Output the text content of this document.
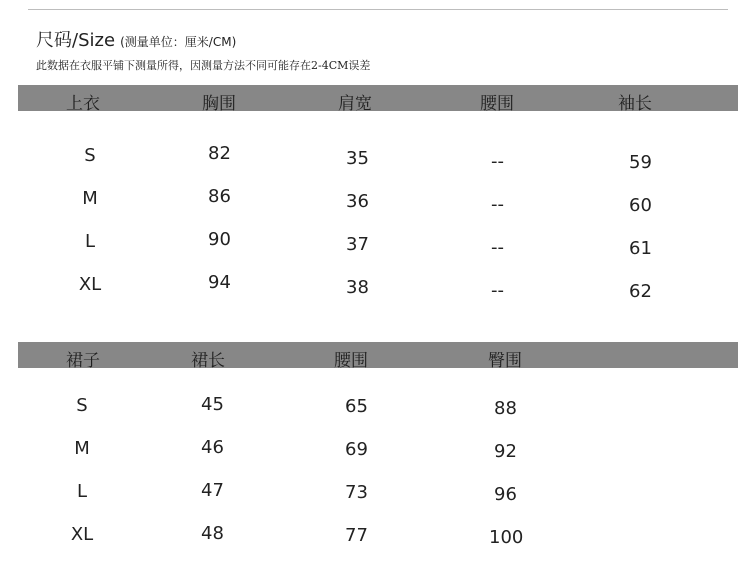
尺码/Size (测量单位：厘米/CM)
此数据在衣服平铺下测量所得，因测量方法不同可能存在2-4CM误差
上衣	胸围	肩宽	腰围	袖长
S	82	35	--	59
M	86	36	--	60
L	90	37	--	61
XL	94	38	--	62
裙子	裙长	腰围	臀围
S	45	65	88
M	46	69	92
L	47	73	96
XL	48	77	100
